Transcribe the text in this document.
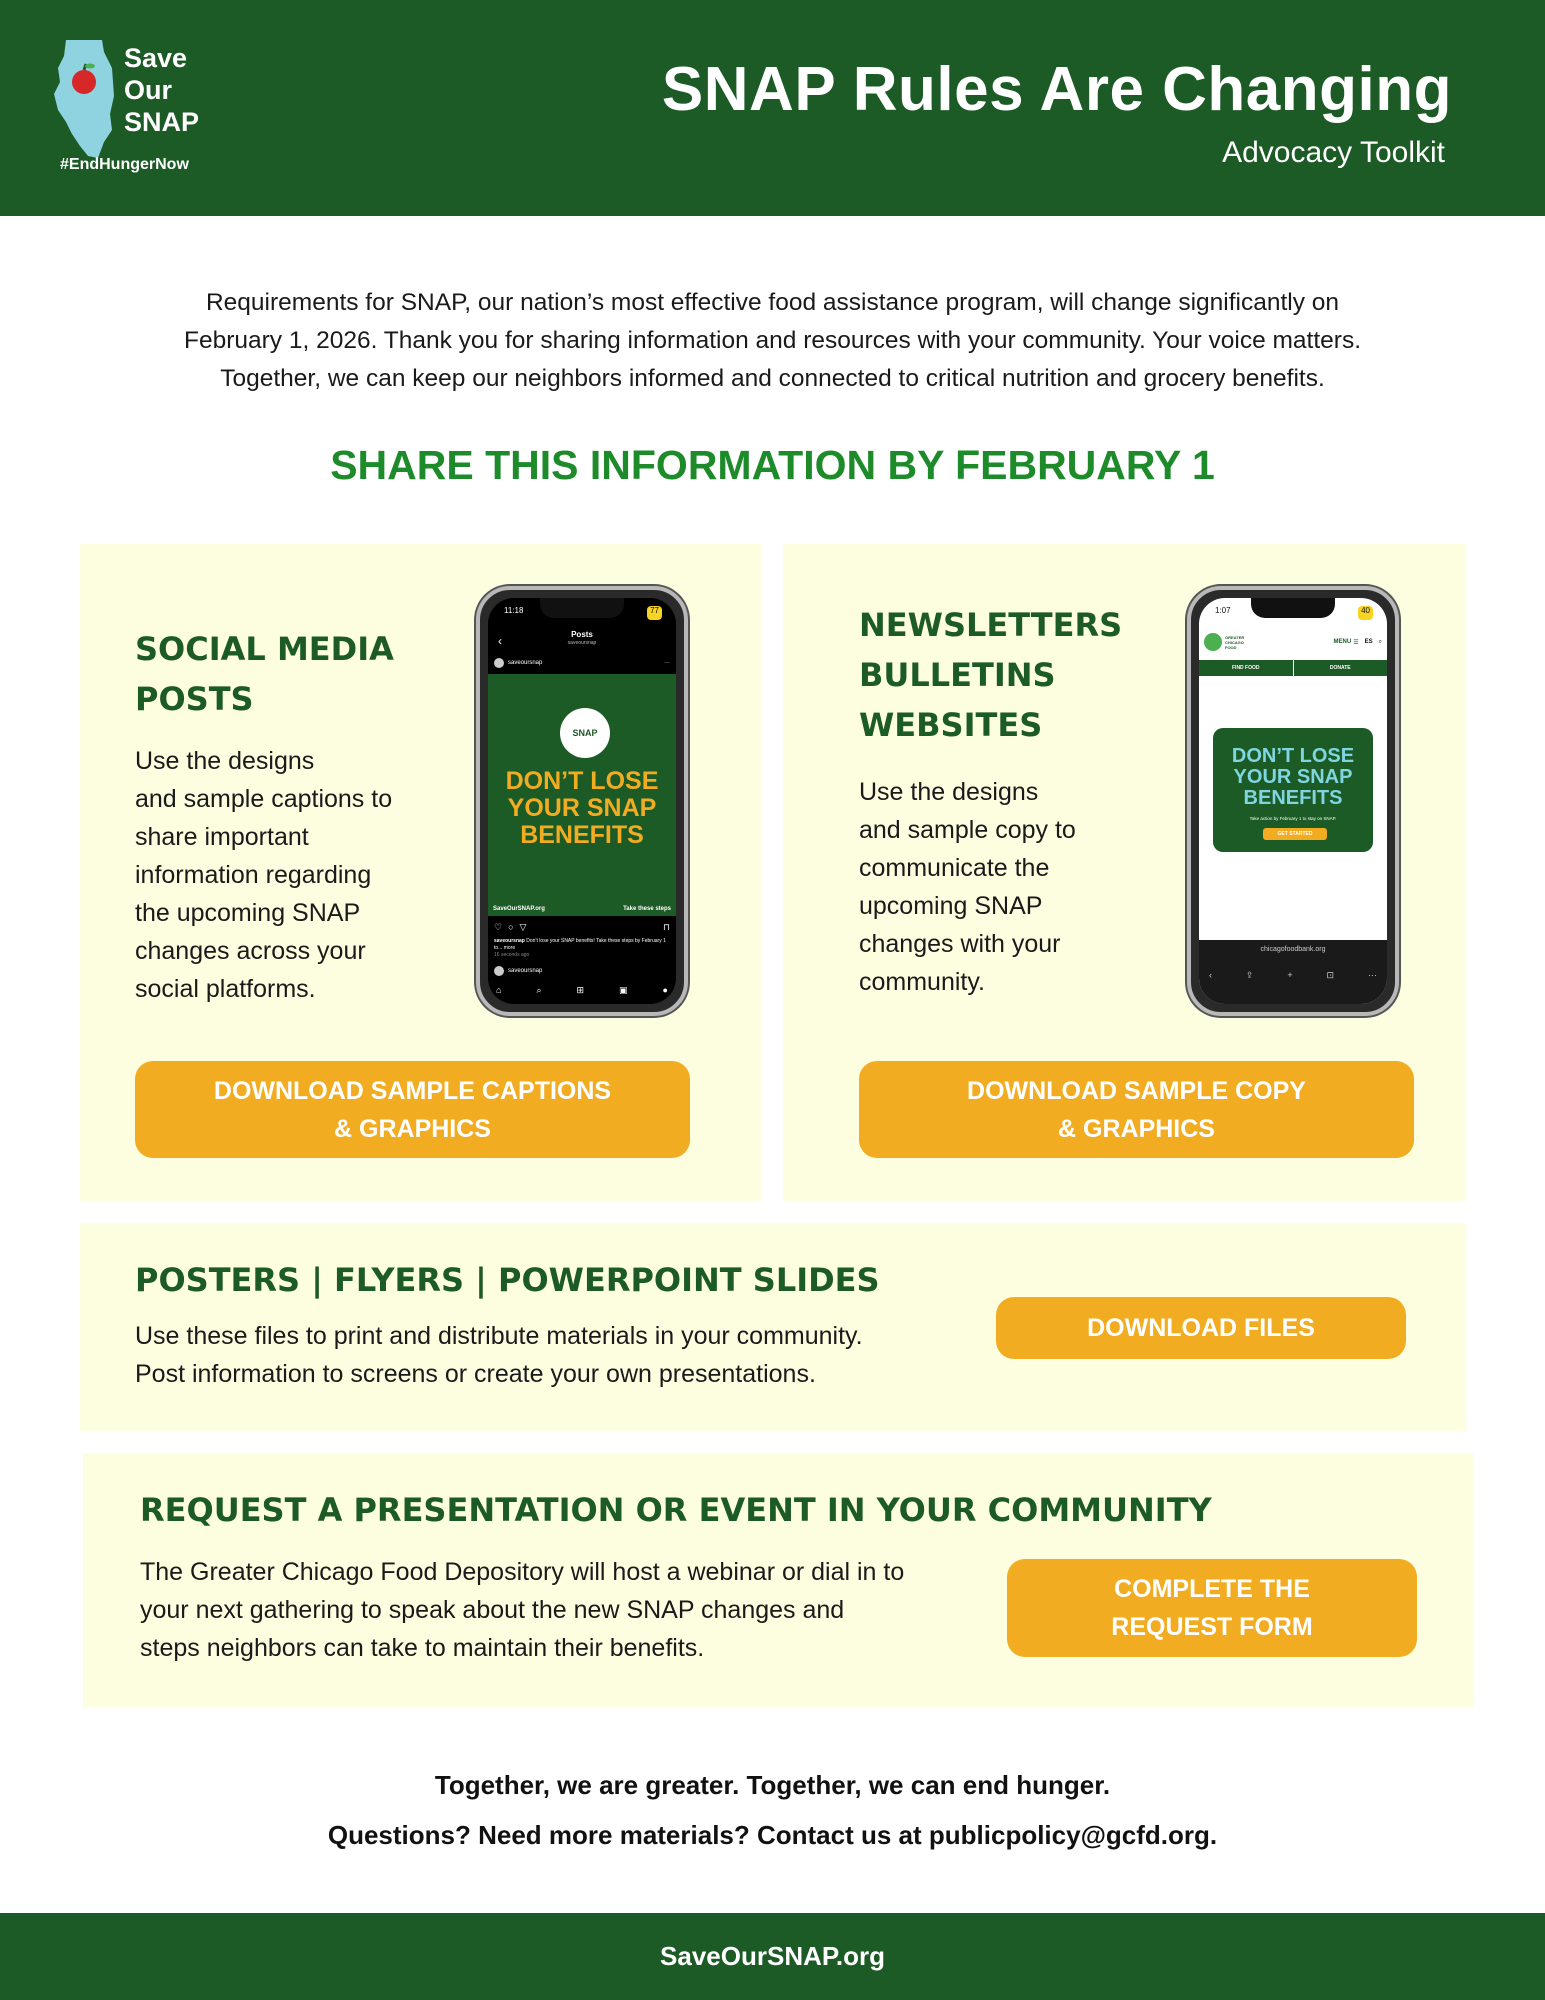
Save
Our
SNAP
#EndHungerNow
SNAP Rules Are Changing
Advocacy Toolkit
Requirements for SNAP, our nation’s most effective food assistance program, will change significantly on
February 1, 2026. Thank you for sharing information and resources with your community. Your voice matters.
Together, we can keep our neighbors informed and connected to critical nutrition and grocery benefits.
SHARE THIS INFORMATION BY FEBRUARY 1
SOCIAL MEDIA
POSTS
Use the designs
and sample captions to
share important
information regarding
the upcoming SNAP
changes across your
social platforms.
11:18	77
‹	Posts
saveoursnap
saveoursnap	···
SNAP
DON’T LOSE
YOUR SNAP
BENEFITS
SaveOurSNAP.org	Take these steps
♡ ○ ▽	⊓
saveoursnap Don’t lose your SNAP benefits! Take these steps by February 1 to... more
16 seconds ago
saveoursnap
⌂	⌕	⊞	▣	●
DOWNLOAD SAMPLE CAPTIONS
& GRAPHICS
NEWSLETTERS
BULLETINS
WEBSITES
Use the designs
and sample copy to
communicate the
upcoming SNAP
changes with your
community.
1:07	40
GREATER
CHICAGO
FOOD
MENU ☰ ES ⌕
FIND FOOD	DONATE
DON’T LOSE
YOUR SNAP
BENEFITS
Take action by February 1 to stay on SNAP.
GET STARTED
chicagofoodbank.org
‹	⇪	+	⊡	···
DOWNLOAD SAMPLE COPY
& GRAPHICS
POSTERS | FLYERS | POWERPOINT SLIDES
Use these files to print and distribute materials in your community.
Post information to screens or create your own presentations.
DOWNLOAD FILES
REQUEST A PRESENTATION OR EVENT IN YOUR COMMUNITY
The Greater Chicago Food Depository will host a webinar or dial in to
your next gathering to speak about the new SNAP changes and
steps neighbors can take to maintain their benefits.
COMPLETE THE
REQUEST FORM
Together, we are greater. Together, we can end hunger.
Questions? Need more materials? Contact us at publicpolicy@gcfd.org.
SaveOurSNAP.org
